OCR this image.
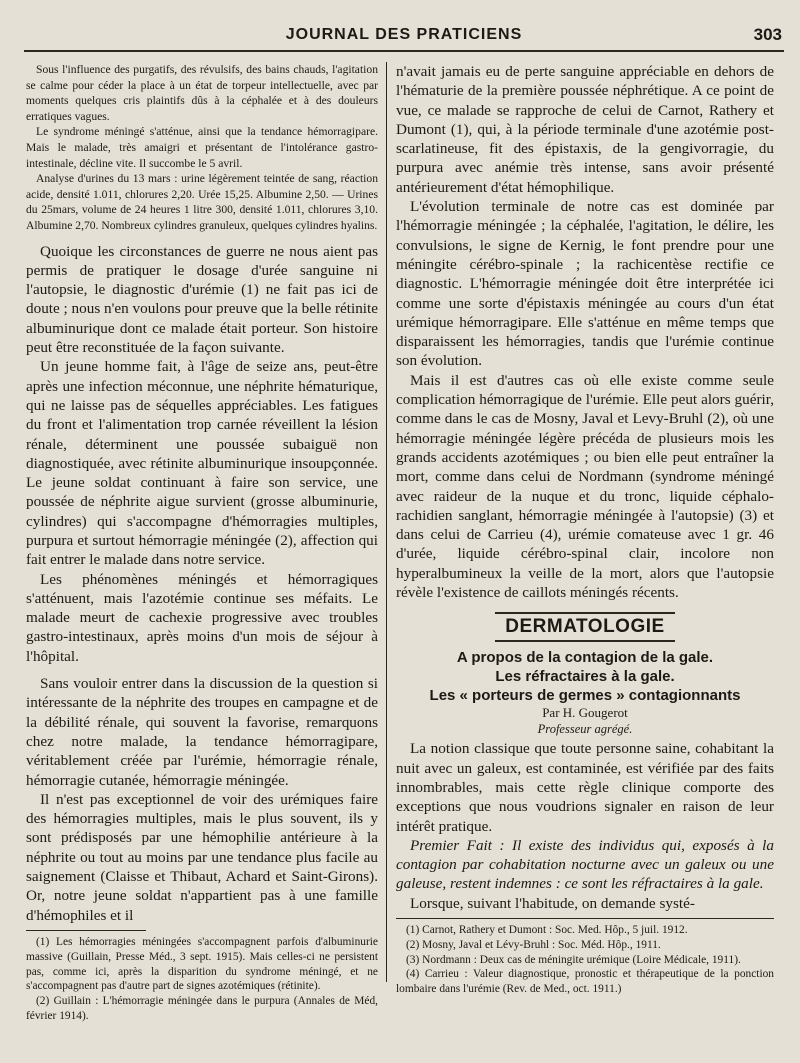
JOURNAL DES PRATICIENS	303

Sous l'influence des purgatifs, des révulsifs, des bains chauds, l'agitation se calme pour céder la place à un état de torpeur intellectuelle, avec par moments quelques cris plaintifs dûs à la céphalée et à des douleurs erratiques vagues.

Le syndrome méningé s'atténue, ainsi que la tendance hémorragipare. Mais le malade, très amaigri et présentant de l'intolérance gastro-intestinale, décline vite. Il succombe le 5 avril.

Analyse d'urines du 13 mars : urine légèrement teintée de sang, réaction acide, densité 1.011, chlorures 2,20. Urée 15,25. Albumine 2,50. — Urines du 25mars, volume de 24 heures 1 litre 300, densité 1.011, chlorures 3,10. Albumine 2,70. Nombreux cylindres granuleux, quelques cylindres hyalins.

Quoique les circonstances de guerre ne nous aient pas permis de pratiquer le dosage d'urée sanguine ni l'autopsie, le diagnostic d'urémie (1) ne fait pas ici de doute ; nous n'en voulons pour preuve que la belle rétinite albuminurique dont ce malade était porteur. Son histoire peut être reconstituée de la façon suivante.

Un jeune homme fait, à l'âge de seize ans, peut-être après une infection méconnue, une néphrite hématurique, qui ne laisse pas de séquelles appréciables. Les fatigues du front et l'alimentation trop carnée réveillent la lésion rénale, déterminent une poussée subaiguë non diagnostiquée, avec rétinite albuminurique insoupçonnée. Le jeune soldat continuant à faire son service, une poussée de néphrite aigue survient (grosse albuminurie, cylindres) qui s'accompagne d'hémorragies multiples, purpura et surtout hémorragie méningée (2), affection qui fait entrer le malade dans notre service.

Les phénomènes méningés et hémorragiques s'atténuent, mais l'azotémie continue ses méfaits. Le malade meurt de cachexie progressive avec troubles gastro-intestinaux, après moins d'un mois de séjour à l'hôpital.

Sans vouloir entrer dans la discussion de la question si intéressante de la néphrite des troupes en campagne et de la débilité rénale, qui souvent la favorise, remarquons chez notre malade, la tendance hémorragipare, véritablement créée par l'urémie, hémorragie rénale, hémorragie cutanée, hémorragie méningée.

Il n'est pas exceptionnel de voir des urémiques faire des hémorragies multiples, mais le plus souvent, ils y sont prédisposés par une hémophilie antérieure à la néphrite ou tout au moins par une tendance plus facile au saignement (Claisse et Thibaut, Achard et Saint-Girons). Or, notre jeune soldat n'appartient pas à une famille d'hémophiles et il

(1) Les hémorragies méningées s'accompagnent parfois d'albuminurie massive (Guillain, Presse Méd., 3 sept. 1915). Mais celles-ci ne persistent pas, comme ici, après la disparition du syndrome méningé, et ne s'accompagnent pas d'autre part de signes azotémiques (rétinite).

(2) Guillain : L'hémorragie méningée dans le purpura (Annales de Méd, février 1914).

n'avait jamais eu de perte sanguine appréciable en dehors de l'hématurie de la première poussée néphrétique. A ce point de vue, ce malade se rapproche de celui de Carnot, Rathery et Dumont (1), qui, à la période terminale d'une azotémie post-scarlatineuse, fit des épistaxis, de la gengivorragie, du purpura avec anémie très intense, sans avoir présenté antérieurement d'état hémophilique.

L'évolution terminale de notre cas est dominée par l'hémorragie méningée ; la céphalée, l'agitation, le délire, les convulsions, le signe de Kernig, le font prendre pour une méningite cérébro-spinale ; la rachicentèse rectifie ce diagnostic. L'hémorragie méningée doit être interprétée ici comme une sorte d'épistaxis méningée au cours d'un état urémique hémorragipare. Elle s'atténue en même temps que disparaissent les hémorragies, tandis que l'urémie continue son évolution.

Mais il est d'autres cas où elle existe comme seule complication hémorragique de l'urémie. Elle peut alors guérir, comme dans le cas de Mosny, Javal et Levy-Bruhl (2), où une hémorragie méningée légère précéda de plusieurs mois les grands accidents azotémiques ; ou bien elle peut entraîner la mort, comme dans celui de Nordmann (syndrome méningé avec raideur de la nuque et du tronc, liquide céphalo-rachidien sanglant, hémorragie méningée à l'autopsie) (3) et dans celui de Carrieu (4), urémie comateuse avec 1 gr. 46 d'urée, liquide cérébro-spinal clair, incolore non hyperalbumineux la veille de la mort, alors que l'autopsie révèle l'existence de caillots méningés récents.

DERMATOLOGIE

A propos de la contagion de la gale.

Les réfractaires à la gale.

Les « porteurs de germes » contagionnants

Par H. Gougerot

Professeur agrégé.

La notion classique que toute personne saine, cohabitant la nuit avec un galeux, est contaminée, est vérifiée par des faits innombrables, mais cette règle clinique comporte des exceptions que nous voudrions signaler en raison de leur intérêt pratique.

Premier Fait : Il existe des individus qui, exposés à la contagion par cohabitation nocturne avec un galeux ou une galeuse, restent indemnes : ce sont les réfractaires à la gale.

Lorsque, suivant l'habitude, on demande systé-

(1) Carnot, Rathery et Dumont : Soc. Med. Hôp., 5 juil. 1912.

(2) Mosny, Javal et Lévy-Bruhl : Soc. Méd. Hôp., 1911.

(3) Nordmann : Deux cas de méningite urémique (Loire Médicale, 1911).

(4) Carrieu : Valeur diagnostique, pronostic et thérapeutique de la ponction lombaire dans l'urémie (Rev. de Med., oct. 1911.)
